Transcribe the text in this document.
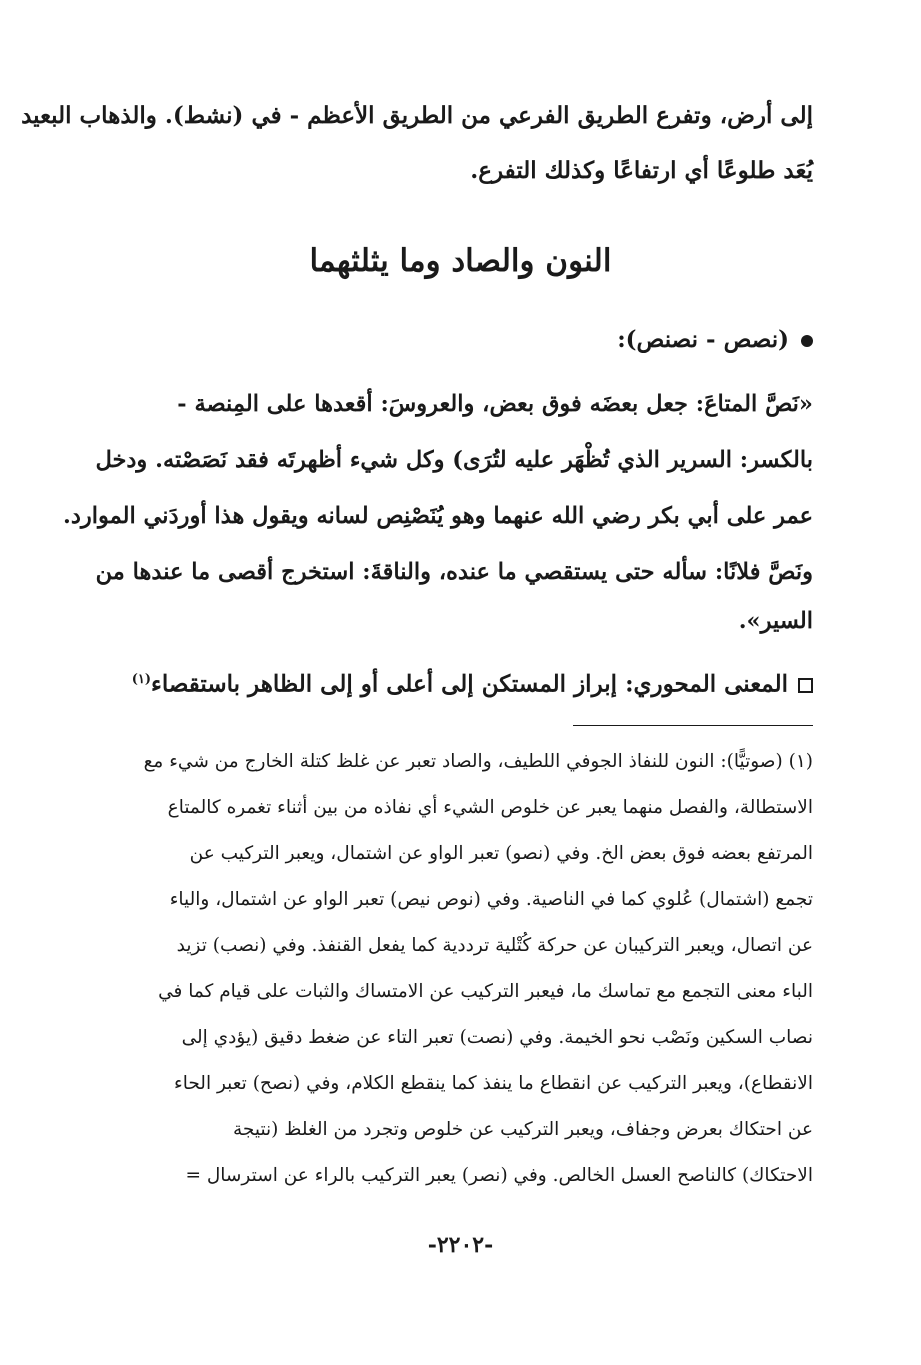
إلى أرض، وتفرع الطريق الفرعي من الطريق الأعظم - في (نشط). والذهاب البعيد
يُعَد طلوعًا أي ارتفاعًا وكذلك التفرع.
النون والصاد وما يثلثهما
(نصص - نصنص):
«نَصَّ المتاعَ: جعل بعضَه فوق بعض، والعروسَ: أقعدها على المِنصة -
بالكسر: السرير الذي تُظْهَر عليه لتُرَى) وكل شيء أظهرتَه فقد نَصَصْته. ودخل
عمر على أبي بكر رضي الله عنهما وهو يُنَصْنِص لسانه ويقول هذا أوردَني الموارد.
ونَصَّ فلانًا: سأله حتى يستقصي ما عنده، والناقةَ: استخرج أقصى ما عندها من
السير».
المعنى المحوري: إبراز المستكن إلى أعلى أو إلى الظاهر باستقصاء$^{(١)}$
(١) (صوتيًّا): النون للنفاذ الجوفي اللطيف، والصاد تعبر عن غلظ كتلة الخارج من شيء مع
الاستطالة، والفصل منهما يعبر عن خلوص الشيء أي نفاذه من بين أثناء تغمره كالمتاع
المرتفع بعضه فوق بعض الخ. وفي (نصو) تعبر الواو عن اشتمال، ويعبر التركيب عن
تجمع (اشتمال) عُلوي كما في الناصية. وفي (نوص نيص) تعبر الواو عن اشتمال، والياء
عن اتصال، ويعبر التركيبان عن حركة كُتْلية ترددية كما يفعل القنفذ. وفي (نصب) تزيد
الباء معنى التجمع مع تماسك ما، فيعبر التركيب عن الامتساك والثبات على قيام كما في
نصاب السكين ونَصْب نحو الخيمة. وفي (نصت) تعبر التاء عن ضغط دقيق (يؤدي إلى
الانقطاع)، ويعبر التركيب عن انقطاع ما ينفذ كما ينقطع الكلام، وفي (نصح) تعبر الحاء
عن احتكاك بعرض وجفاف، ويعبر التركيب عن خلوص وتجرد من الغلظ (نتيجة
الاحتكاك) كالناصح العسل الخالص. وفي (نصر) يعبر التركيب بالراء عن استرسال =
-٢٢٠٢-
